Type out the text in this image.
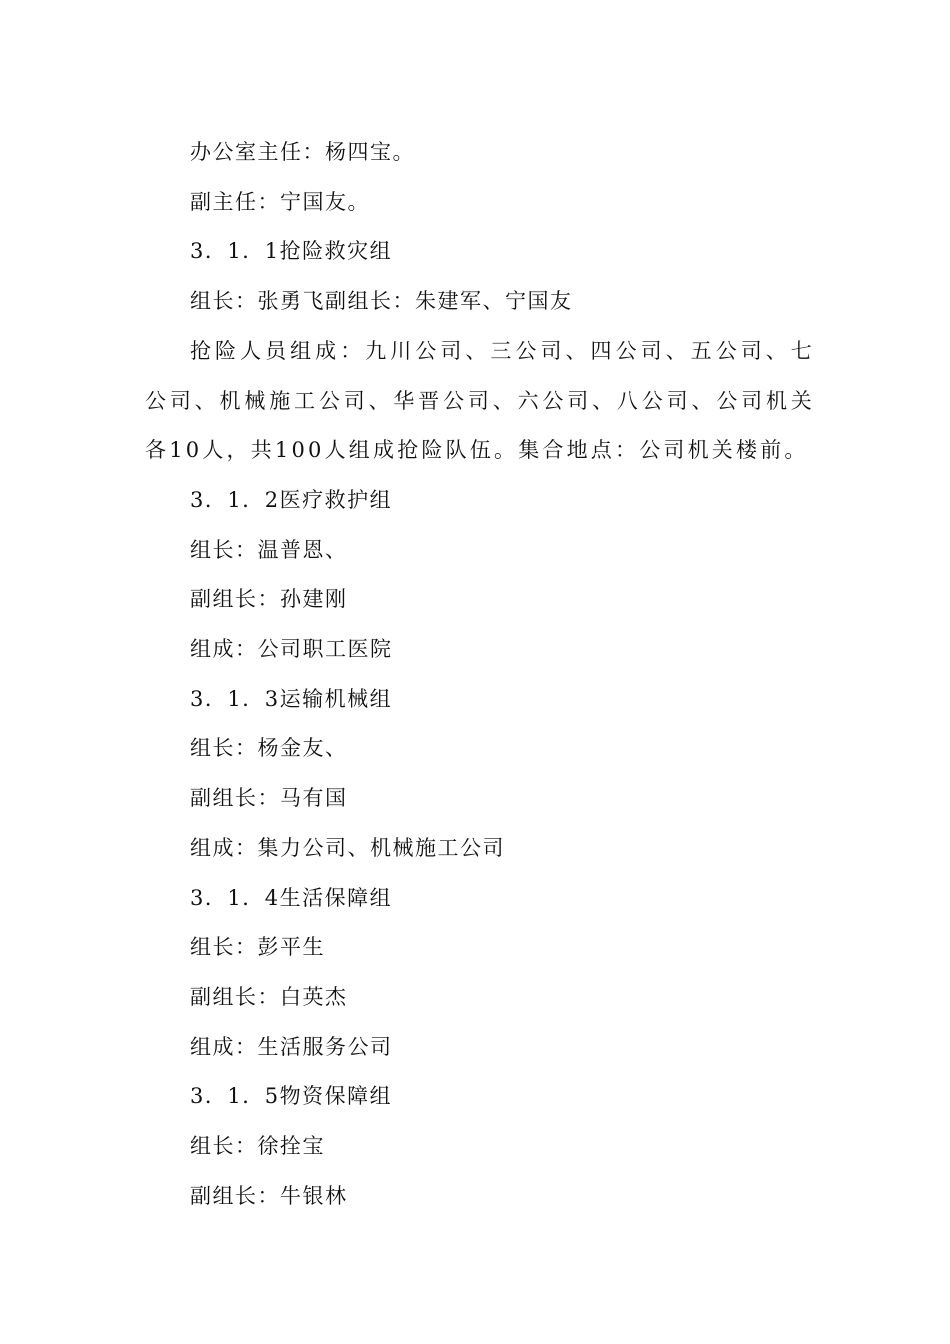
办公室主任：杨四宝。

副主任：宁国友。

3．1．1抢险救灾组

组长：张勇飞副组长：朱建军、宁国友

抢险人员组成：九川公司、三公司、四公司、五公司、七公司、机械施工公司、华晋公司、六公司、八公司、公司机关各10人，共100人组成抢险队伍。集合地点：公司机关楼前。

3．1．2医疗救护组

组长：温普恩、

副组长：孙建刚

组成：公司职工医院

3．1．3运输机械组

组长：杨金友、

副组长：马有国

组成：集力公司、机械施工公司

3．1．4生活保障组

组长：彭平生

副组长：白英杰

组成：生活服务公司

3．1．5物资保障组

组长：徐拴宝

副组长：牛银林
